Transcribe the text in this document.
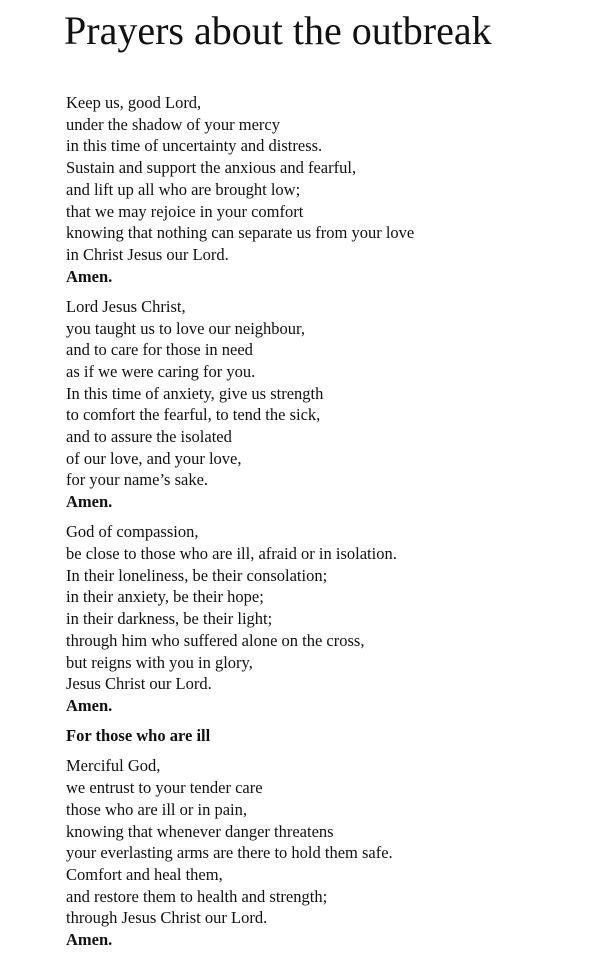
Prayers about the outbreak
Keep us, good Lord,
under the shadow of your mercy
in this time of uncertainty and distress.
Sustain and support the anxious and fearful,
and lift up all who are brought low;
that we may rejoice in your comfort
knowing that nothing can separate us from your love
in Christ Jesus our Lord.
Amen.
Lord Jesus Christ,
you taught us to love our neighbour,
and to care for those in need
as if we were caring for you.
In this time of anxiety, give us strength
to comfort the fearful, to tend the sick,
and to assure the isolated
of our love, and your love,
for your name’s sake.
Amen.
God of compassion,
be close to those who are ill, afraid or in isolation.
In their loneliness, be their consolation;
in their anxiety, be their hope;
in their darkness, be their light;
through him who suffered alone on the cross,
but reigns with you in glory,
Jesus Christ our Lord.
Amen.
For those who are ill
Merciful God,
we entrust to your tender care
those who are ill or in pain,
knowing that whenever danger threatens
your everlasting arms are there to hold them safe.
Comfort and heal them,
and restore them to health and strength;
through Jesus Christ our Lord.
Amen.
